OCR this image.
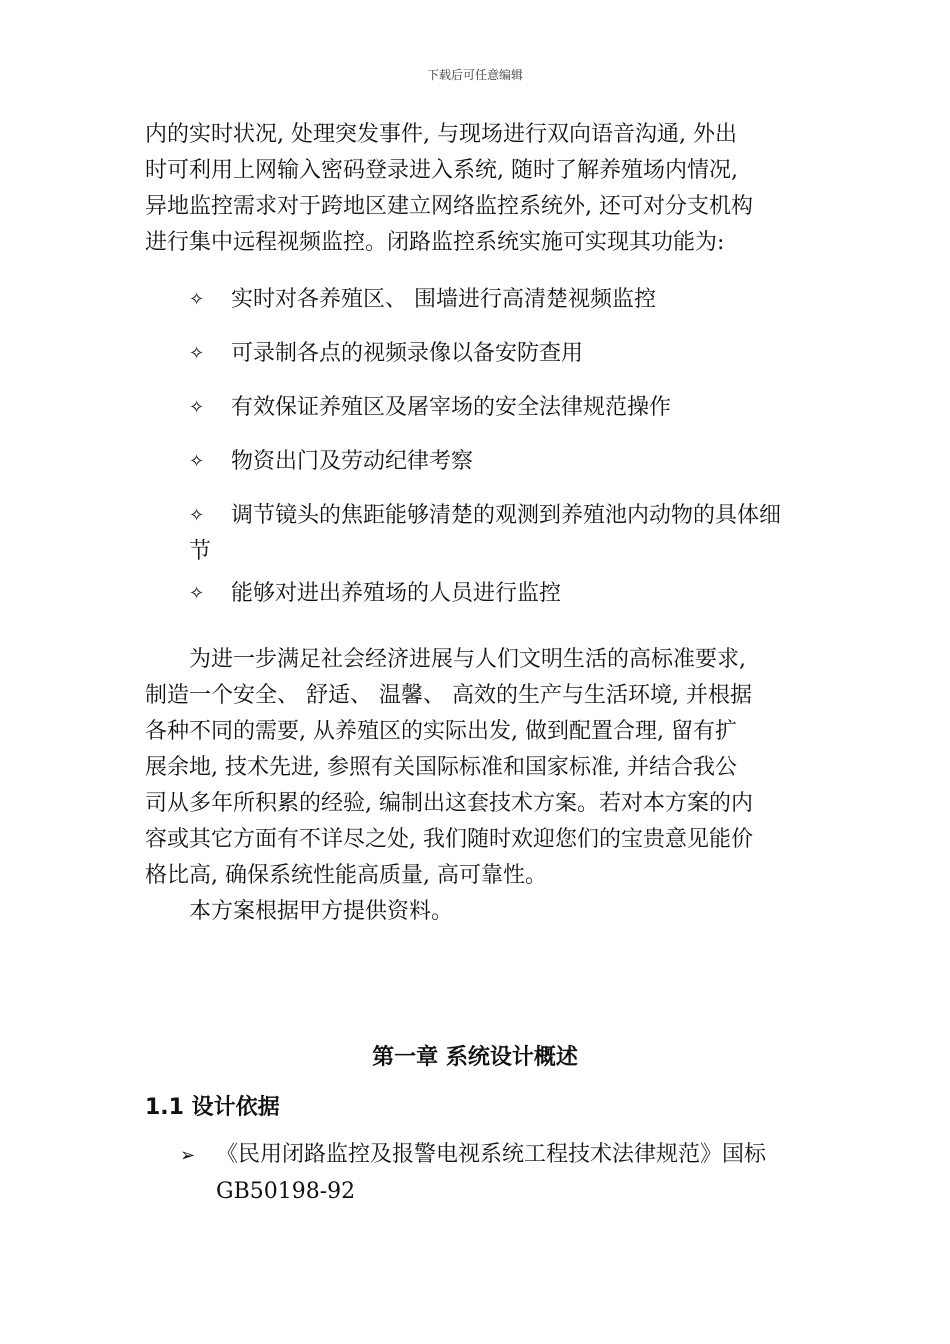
下载后可任意编辑

内的实时状况, 处理突发事件, 与现场进行双向语音沟通, 外出

时可利用上网输入密码登录进入系统, 随时了解养殖场内情况,

异地监控需求对于跨地区建立网络监控系统外, 还可对分支机构

进行集中远程视频监控。闭路监控系统实施可实现其功能为:

✧ 实时对各养殖区、 围墙进行高清楚视频监控
✧ 可录制各点的视频录像以备安防查用
✧ 有效保证养殖区及屠宰场的安全法律规范操作
✧ 物资出门及劳动纪律考察
✧ 调节镜头的焦距能够清楚的观测到养殖池内动物的具体细
节
✧ 能够对进出养殖场的人员进行监控

为进一步满足社会经济进展与人们文明生活的高标准要求,

制造一个安全、 舒适、 温馨、 高效的生产与生活环境, 并根据

各种不同的需要, 从养殖区的实际出发, 做到配置合理, 留有扩

展余地, 技术先进, 参照有关国际标准和国家标准, 并结合我公

司从多年所积累的经验, 编制出这套技术方案。若对本方案的内

容或其它方面有不详尽之处, 我们随时欢迎您们的宝贵意见能价

格比高, 确保系统性能高质量, 高可靠性。

本方案根据甲方提供资料。

第一章 系统设计概述
1.1 设计依据
➢ 《民用闭路监控及报警电视系统工程技术法律规范》国标
GB50198-92
